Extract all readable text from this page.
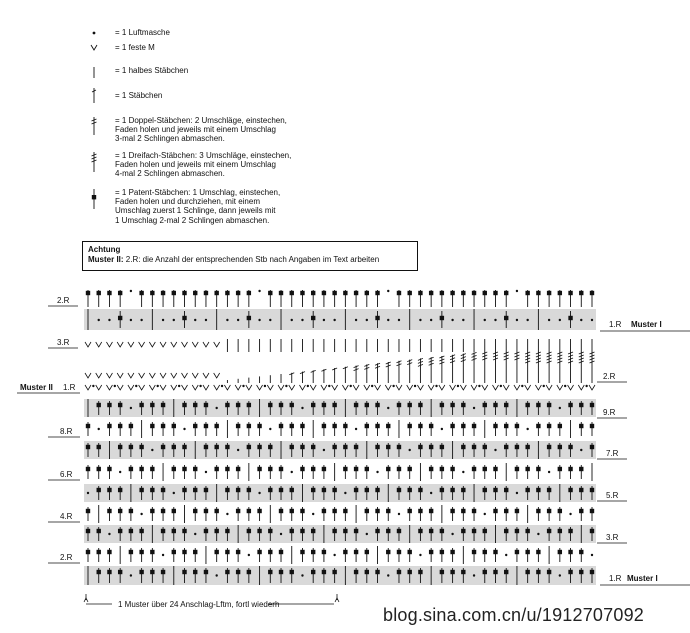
= 1 Luftmasche
= 1 feste M
= 1 halbes Stäbchen
= 1 Stäbchen
= 1 Doppel-Stäbchen: 2 Umschläge, einstechen,
Faden holen und jeweils mit einem Umschlag
3-mal 2 Schlingen abmaschen.
= 1 Dreifach-Stäbchen: 3 Umschläge, einstechen,
Faden holen und jeweils mit einem Umschlag
4-mal 2 Schlingen abmaschen.
= 1 Patent-Stäbchen: 1 Umschlag, einstechen,
Faden holen und durchziehen, mit einem
Umschlag zuerst 1 Schlinge, dann jeweils mit
1 Umschlag 2-mal 2 Schlingen abmaschen.
Achtung
Muster II: 2.R: die Anzahl der entsprechenden Stb nach Angaben im Text arbeiten
2.R
1.R Muster I
3.R
2.R
Muster II 1.R
9.R
8.R
7.R
6.R
5.R
4.R
3.R
2.R
1.R Muster I
1 Muster über 24 Anschlag-Lftm, fortl wiederh
blog.sina.com.cn/u/1912707092
